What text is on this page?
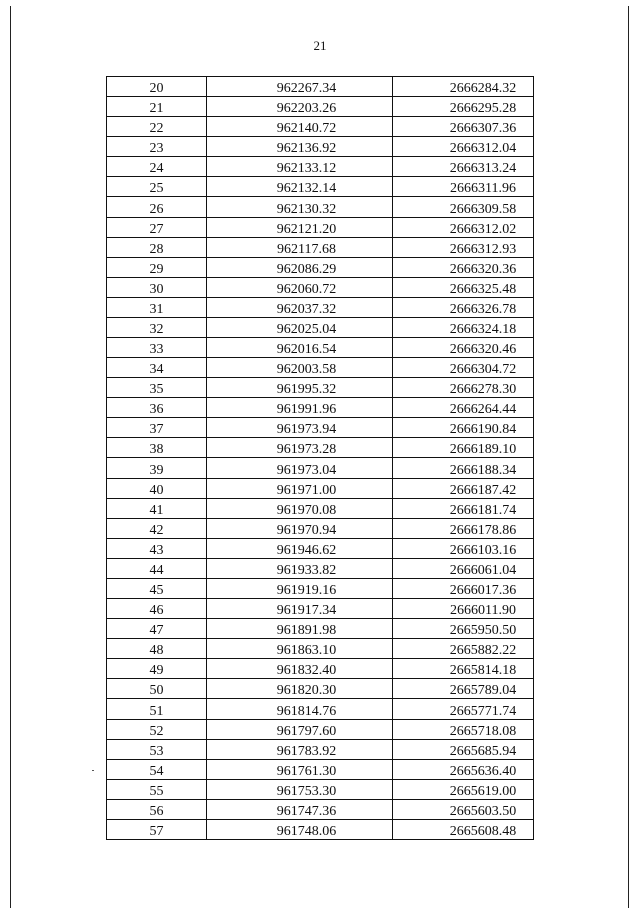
21
20	962267.34	2666284.32
21	962203.26	2666295.28
22	962140.72	2666307.36
23	962136.92	2666312.04
24	962133.12	2666313.24
25	962132.14	2666311.96
26	962130.32	2666309.58
27	962121.20	2666312.02
28	962117.68	2666312.93
29	962086.29	2666320.36
30	962060.72	2666325.48
31	962037.32	2666326.78
32	962025.04	2666324.18
33	962016.54	2666320.46
34	962003.58	2666304.72
35	961995.32	2666278.30
36	961991.96	2666264.44
37	961973.94	2666190.84
38	961973.28	2666189.10
39	961973.04	2666188.34
40	961971.00	2666187.42
41	961970.08	2666181.74
42	961970.94	2666178.86
43	961946.62	2666103.16
44	961933.82	2666061.04
45	961919.16	2666017.36
46	961917.34	2666011.90
47	961891.98	2665950.50
48	961863.10	2665882.22
49	961832.40	2665814.18
50	961820.30	2665789.04
51	961814.76	2665771.74
52	961797.60	2665718.08
53	961783.92	2665685.94
54	961761.30	2665636.40
55	961753.30	2665619.00
56	961747.36	2665603.50
57	961748.06	2665608.48
